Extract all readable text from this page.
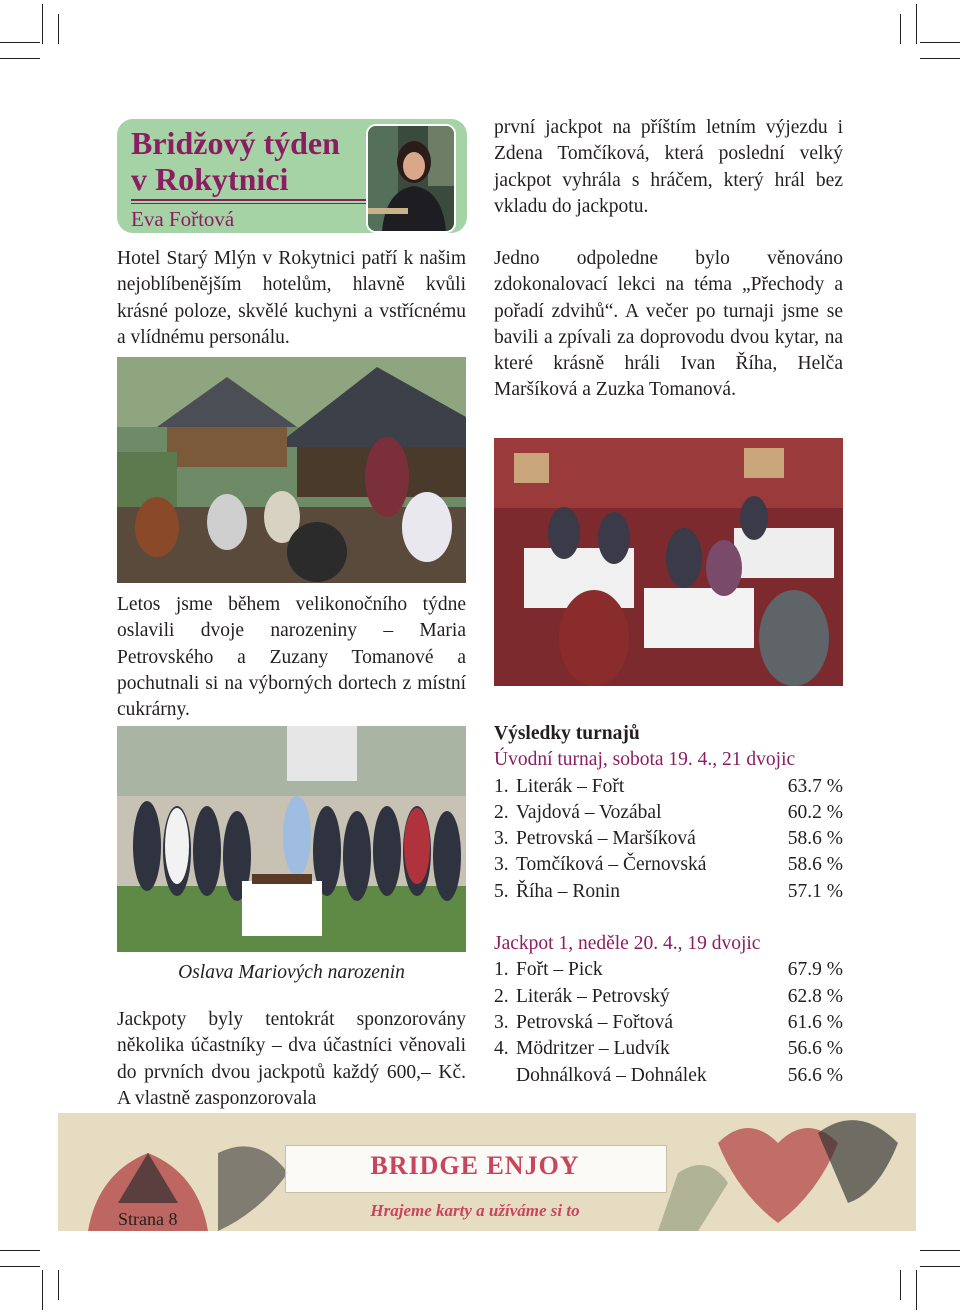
Bridžový týden
v Rokytnici
Eva Fořtová
Hotel Starý Mlýn v Rokytnici patří k našim nejoblíbenějším hotelům, hlavně kvůli krásné poloze, skvělé kuchyni a vstřícnému a vlídnému personálu.
Letos jsme během velikonočního týdne oslavili dvoje narozeniny – Maria Petrovského a Zuzany Tomanové a pochutnali si na výborných dortech z místní cukrárny.
Oslava Mariových narozenin
Jackpoty byly tentokrát sponzorovány několika účastníky – dva účastníci věnovali do prvních dvou jackpotů každý 600,– Kč. A vlastně zasponzorovala
první jackpot na příštím letním výjezdu i Zdena Tomčíková, která poslední velký jackpot vyhrála s hráčem, který hrál bez vkladu do jackpotu.
Jedno odpoledne bylo věnováno zdokonalovací lekci na téma „Přechody a pořadí zdvihů“. A večer po turnaji jsme se bavili a zpívali za doprovodu dvou kytar, na které krásně hráli Ivan Říha, Helča Maršíková a Zuzka Tomanová.
Výsledky turnajů
Úvodní turnaj, sobota 19. 4., 21 dvojic
1. Literák – Fořt	63.7 %
2. Vajdová – Vozábal	60.2 %
3. Petrovská – Maršíková	58.6 %
3. Tomčíková – Černovská	58.6 %
5. Říha – Ronin	57.1 %
Jackpot 1, neděle 20. 4., 19 dvojic
1. Fořt – Pick	67.9 %
2. Literák – Petrovský	62.8 %
3. Petrovská – Fořtová	61.6 %
4. Mödritzer – Ludvík	56.6 %
Dohnálková – Dohnálek	56.6 %
BRIDGE ENJOY
Hrajeme karty a užíváme si to
Strana 8
